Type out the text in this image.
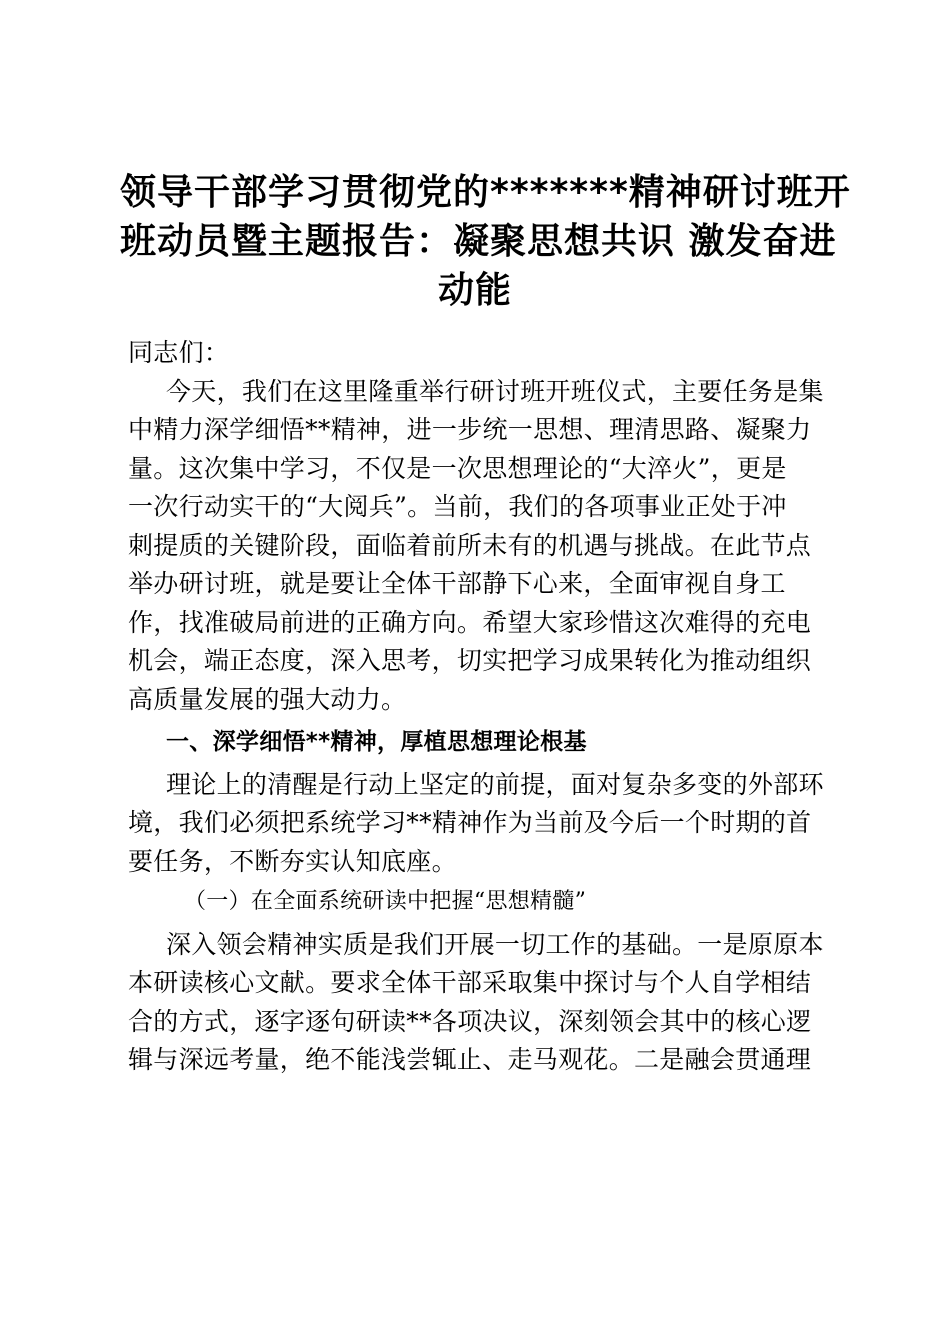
领导干部学习贯彻党的*******精神研讨班开
班动员暨主题报告：凝聚思想共识 激发奋进
动能
同志们：
今天，我们在这里隆重举行研讨班开班仪式，主要任务是集
中精力深学细悟**精神，进一步统一思想、理清思路、凝聚力
量。这次集中学习，不仅是一次思想理论的“大淬火”，更是
一次行动实干的“大阅兵”。当前，我们的各项事业正处于冲
刺提质的关键阶段，面临着前所未有的机遇与挑战。在此节点
举办研讨班，就是要让全体干部静下心来，全面审视自身工
作，找准破局前进的正确方向。希望大家珍惜这次难得的充电
机会，端正态度，深入思考，切实把学习成果转化为推动组织
高质量发展的强大动力。
一、深学细悟**精神，厚植思想理论根基
理论上的清醒是行动上坚定的前提，面对复杂多变的外部环
境，我们必须把系统学习**精神作为当前及今后一个时期的首
要任务，不断夯实认知底座。
（一）在全面系统研读中把握“思想精髓”
深入领会精神实质是我们开展一切工作的基础。一是原原本
本研读核心文献。要求全体干部采取集中探讨与个人自学相结
合的方式，逐字逐句研读**各项决议，深刻领会其中的核心逻
辑与深远考量，绝不能浅尝辄止、走马观花。二是融会贯通理
